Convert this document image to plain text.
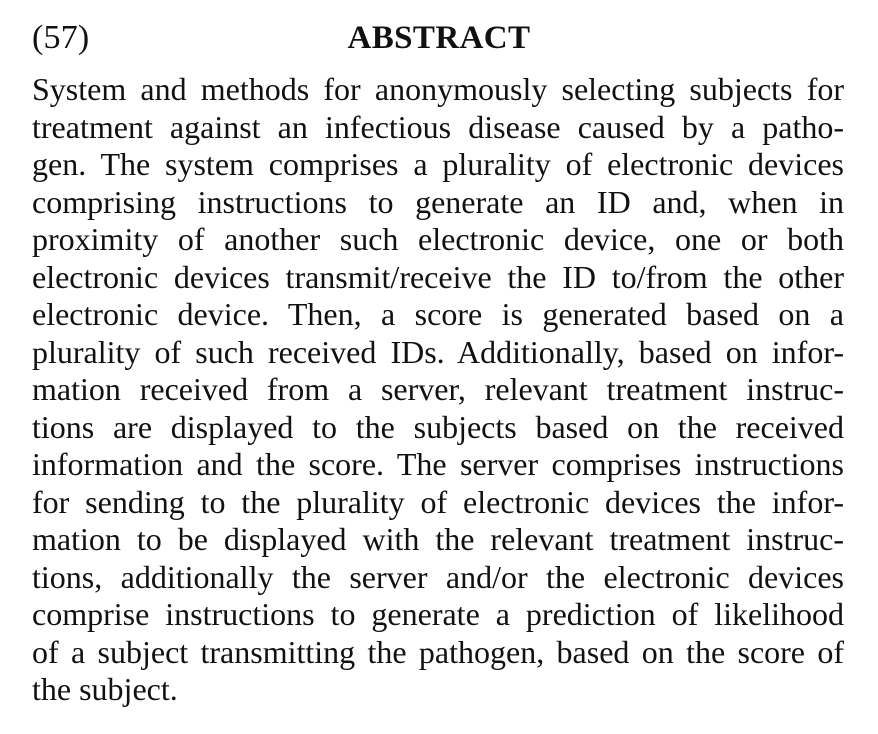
(57)	ABSTRACT
System and methods for anonymously selecting subjects for
treatment against an infectious disease caused by a patho-
gen. The system comprises a plurality of electronic devices
comprising instructions to generate an ID and, when in
proximity of another such electronic device, one or both
electronic devices transmit/receive the ID to/from the other
electronic device. Then, a score is generated based on a
plurality of such received IDs. Additionally, based on infor-
mation received from a server, relevant treatment instruc-
tions are displayed to the subjects based on the received
information and the score. The server comprises instructions
for sending to the plurality of electronic devices the infor-
mation to be displayed with the relevant treatment instruc-
tions, additionally the server and/or the electronic devices
comprise instructions to generate a prediction of likelihood
of a subject transmitting the pathogen, based on the score of
the subject.
